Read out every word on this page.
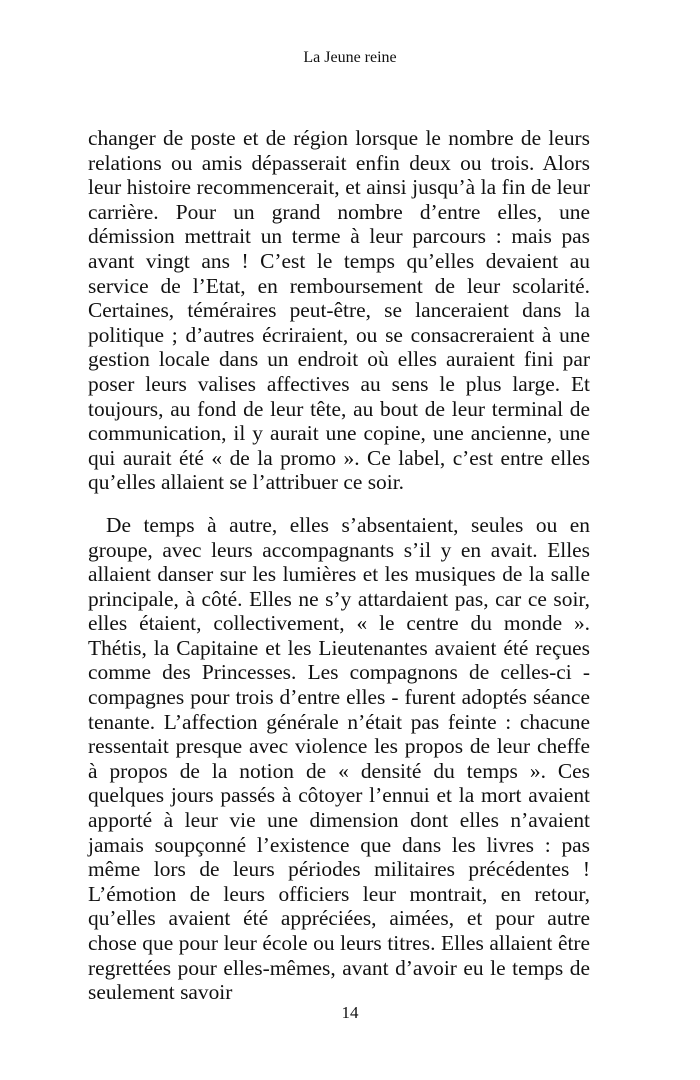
La Jeune reine

changer de poste et de région lorsque le nombre de leurs relations ou amis dépasserait enfin deux ou trois. Alors leur histoire recommencerait, et ainsi jusqu’à la fin de leur carrière. Pour un grand nombre d’entre elles, une démission mettrait un terme à leur parcours : mais pas avant vingt ans ! C’est le temps qu’elles devaient au service de l’Etat, en remboursement de leur scolarité. Certaines, téméraires peut-être, se lanceraient dans la politique ; d’autres écriraient, ou se consacreraient à une gestion locale dans un endroit où elles auraient fini par poser leurs valises affectives au sens le plus large. Et toujours, au fond de leur tête, au bout de leur terminal de communication, il y aurait une copine, une ancienne, une qui aurait été « de la promo ». Ce label, c’est entre elles qu’elles allaient se l’attribuer ce soir.

De temps à autre, elles s’absentaient, seules ou en groupe, avec leurs accompagnants s’il y en avait. Elles allaient danser sur les lumières et les musiques de la salle principale, à côté. Elles ne s’y attardaient pas, car ce soir, elles étaient, collectivement, « le centre du monde ». Thétis, la Capitaine et les Lieutenantes avaient été reçues comme des Princesses. Les compagnons de celles-ci - compagnes pour trois d’entre elles - furent adoptés séance tenante. L’affection générale n’était pas feinte : chacune ressentait presque avec violence les propos de leur cheffe à propos de la notion de « densité du temps ». Ces quelques jours passés à côtoyer l’ennui et la mort avaient apporté à leur vie une dimension dont elles n’avaient jamais soupçonné l’existence que dans les livres : pas même lors de leurs périodes militaires précédentes ! L’émotion de leurs officiers leur montrait, en retour, qu’elles avaient été appréciées, aimées, et pour autre chose que pour leur école ou leurs titres. Elles allaient être regrettées pour elles-mêmes, avant d’avoir eu le temps de seulement savoir

14
